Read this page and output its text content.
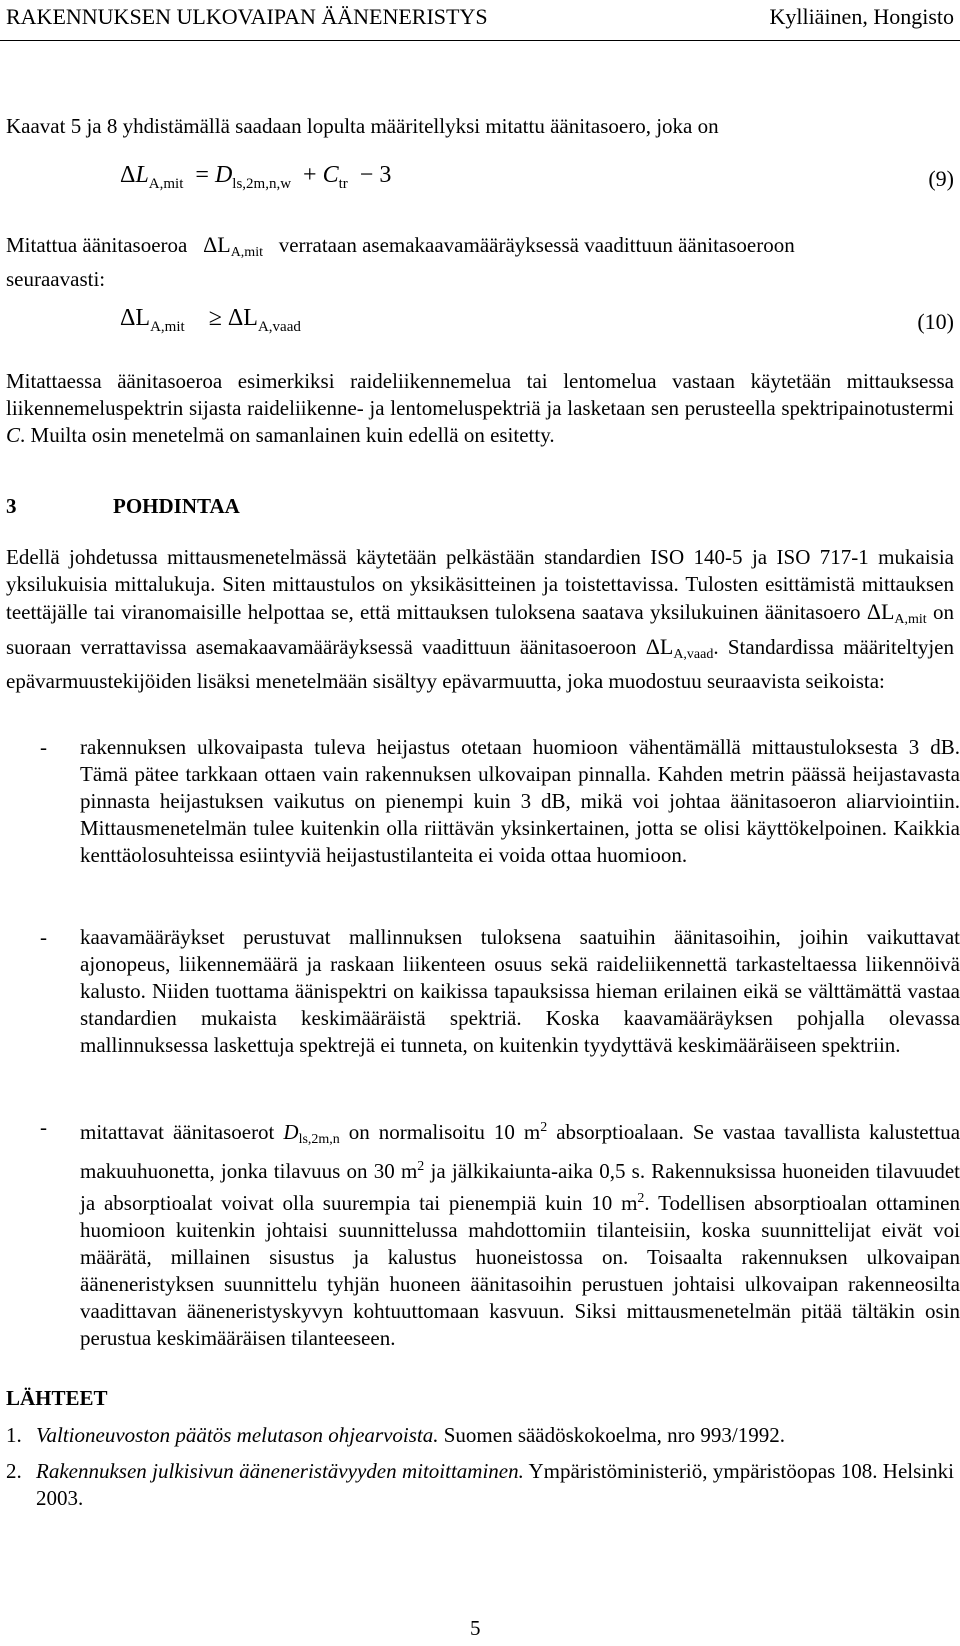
RAKENNUKSEN ULKOVAIPAN ÄÄNENERISTYS	Kylliäinen, Hongisto

Kaavat 5 ja 8 yhdistämällä saadaan lopulta määritellyksi mitattu äänitasoero, joka on

$\Delta L_{A,mit} = D_{ls,2m,n,w} + C_{tr} - 3$	(9)

Mitattua äänitasoeroa ΔLA,mit verrataan asemakaavamääräyksessä vaadittuun äänitasoeroon
seuraavasti:

$\Delta L_{A,mit} \ge \Delta L_{A,vaad}$	(10)

Mitattaessa äänitasoeroa esimerkiksi raideliikennemelua tai lentomelua vastaan käytetään mittauksessa liikennemeluspektrin sijasta raideliikenne- ja lentomeluspektriä ja lasketaan sen perusteella spektripainotustermi C. Muilta osin menetelmä on samanlainen kuin edellä on esitetty.

3	POHDINTAA

Edellä johdetussa mittausmenetelmässä käytetään pelkästään standardien ISO 140-5 ja ISO 717-1 mukaisia yksilukuisia mittalukuja. Siten mittaustulos on yksikäsitteinen ja toistettavissa. Tulosten esittämistä mittauksen teettäjälle tai viranomaisille helpottaa se, että mittauksen tuloksena saatava yksilukuinen äänitasoero ΔLA,mit on suoraan verrattavissa asemakaavamääräyksessä vaadittuun äänitasoeroon ΔLA,vaad. Standardissa määriteltyjen epävarmuustekijöiden lisäksi menetelmään sisältyy epävarmuutta, joka muodostuu seuraavista seikoista:

- rakennuksen ulkovaipasta tuleva heijastus otetaan huomioon vähentämällä mittaustuloksesta 3 dB. Tämä pätee tarkkaan ottaen vain rakennuksen ulkovaipan pinnalla. Kahden metrin päässä heijastavasta pinnasta heijastuksen vaikutus on pienempi kuin 3 dB, mikä voi johtaa äänitasoeron aliarviointiin. Mittausmenetelmän tulee kuitenkin olla riittävän yksinkertainen, jotta se olisi käyttökelpoinen. Kaikkia kenttäolosuhteissa esiintyviä heijastustilanteita ei voida ottaa huomioon.
- kaavamääräykset perustuvat mallinnuksen tuloksena saatuihin äänitasoihin, joihin vaikuttavat ajonopeus, liikennemäärä ja raskaan liikenteen osuus sekä raideliikennettä tarkasteltaessa liikennöivä kalusto. Niiden tuottama äänispektri on kaikissa tapauksissa hieman erilainen eikä se välttämättä vastaa standardien mukaista keskimääräistä spektriä. Koska kaavamääräyksen pohjalla olevassa mallinnuksessa laskettuja spektrejä ei tunneta, on kuitenkin tyydyttävä keskimääräiseen spektriin.
- mitattavat äänitasoerot Dls,2m,n on normalisoitu 10 $m^2$ absorptioalaan. Se vastaa tavallista kalustettua makuuhuonetta, jonka tilavuus on 30 $m^2$ ja jälkikaiunta-aika 0,5 s. Rakennuksissa huoneiden tilavuudet ja absorptioalat voivat olla suurempia tai pienempiä kuin 10 $m^2$. Todellisen absorptioalan ottaminen huomioon kuitenkin johtaisi suunnittelussa mahdottomiin tilanteisiin, koska suunnittelijat eivät voi määrätä, millainen sisustus ja kalustus huoneistossa on. Toisaalta rakennuksen ulkovaipan ääneneristyksen suunnittelu tyhjän huoneen äänitasoihin perustuen johtaisi ulkovaipan rakenneosilta vaadittavan ääneneristyskyvyn kohtuuttomaan kasvuun. Siksi mittausmenetelmän pitää tältäkin osin perustua keskimääräisen tilanteeseen.
LÄHTEET
1. Valtioneuvoston päätös melutason ohjearvoista. Suomen säädöskokoelma, nro 993/1992.
2. Rakennuksen julkisivun ääneneristävyyden mitoittaminen. Ympäristöministeriö, ympäristöopas 108. Helsinki 2003.
5
